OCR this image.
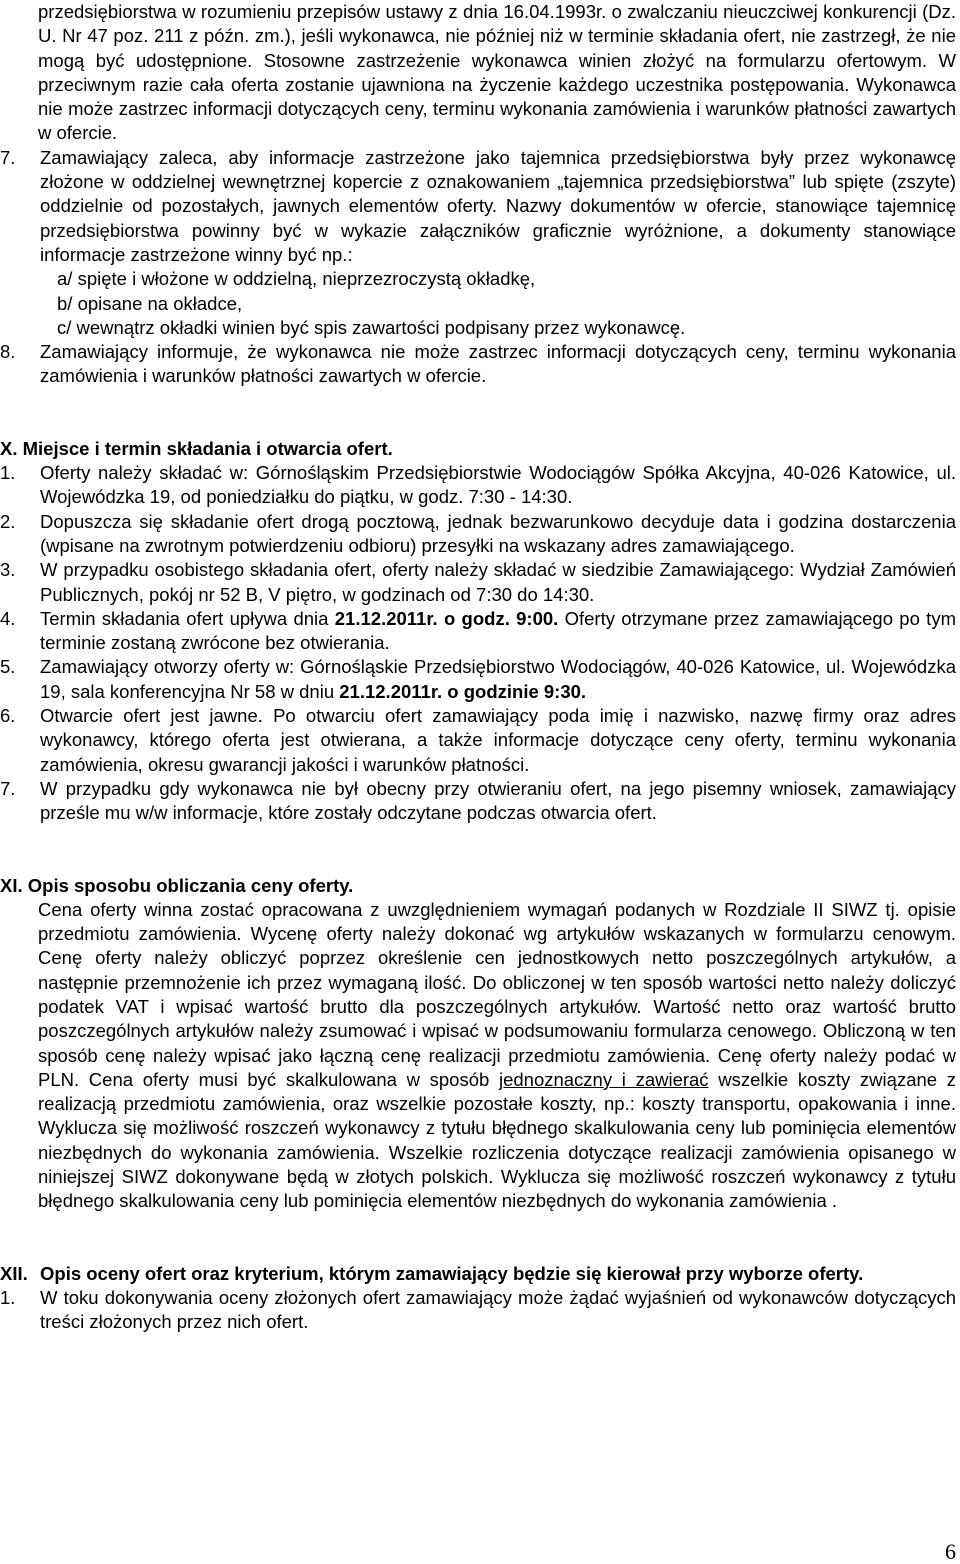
przedsiębiorstwa w rozumieniu przepisów ustawy z dnia 16.04.1993r. o zwalczaniu nieuczciwej konkurencji (Dz. U. Nr 47 poz. 211 z późn. zm.), jeśli wykonawca, nie później niż w terminie składania ofert, nie zastrzegł, że nie mogą być udostępnione. Stosowne zastrzeżenie wykonawca winien złożyć na formularzu ofertowym. W przeciwnym razie cała oferta zostanie ujawniona na życzenie każdego uczestnika postępowania. Wykonawca nie może zastrzec informacji dotyczących ceny, terminu wykonania zamówienia i warunków płatności zawartych w ofercie.

7.	Zamawiający zaleca, aby informacje zastrzeżone jako tajemnica przedsiębiorstwa były przez wykonawcę złożone w oddzielnej wewnętrznej kopercie z oznakowaniem „tajemnica przedsiębiorstwa” lub spięte (zszyte) oddzielnie od pozostałych, jawnych elementów oferty. Nazwy dokumentów w ofercie, stanowiące tajemnicę przedsiębiorstwa powinny być w wykazie załączników graficznie wyróżnione, a dokumenty stanowiące informacje zastrzeżone winny być np.:

a/ spięte i włożone w oddzielną, nieprzezroczystą okładkę,
b/ opisane na okładce,
c/ wewnątrz okładki winien być spis zawartości podpisany przez wykonawcę.
8.	Zamawiający informuje, że wykonawca nie może zastrzec informacji dotyczących ceny, terminu wykonania zamówienia i warunków płatności zawartych w ofercie.

X. Miejsce i termin składania i otwarcia ofert.
1.	Oferty należy składać w: Górnośląskim Przedsiębiorstwie Wodociągów Spółka Akcyjna, 40-026 Katowice, ul. Wojewódzka 19, od poniedziałku do piątku, w godz. 7:30 - 14:30.

2.	Dopuszcza się składanie ofert drogą pocztową, jednak bezwarunkowo decyduje data i godzina dostarczenia (wpisane na zwrotnym potwierdzeniu odbioru) przesyłki na wskazany adres zamawiającego.

3.	W przypadku osobistego składania ofert, oferty należy składać w siedzibie Zamawiającego: Wydział Zamówień Publicznych, pokój nr 52 B, V piętro, w godzinach od 7:30 do 14:30.

4.	Termin składania ofert upływa dnia 21.12.2011r. o godz. 9:00. Oferty otrzymane przez zamawiającego po tym terminie zostaną zwrócone bez otwierania.

5.	Zamawiający otworzy oferty w: Górnośląskie Przedsiębiorstwo Wodociągów, 40-026 Katowice, ul. Wojewódzka 19, sala konferencyjna Nr 58 w dniu 21.12.2011r. o godzinie 9:30.

6.	Otwarcie ofert jest jawne. Po otwarciu ofert zamawiający poda imię i nazwisko, nazwę firmy oraz adres wykonawcy, którego oferta jest otwierana, a także informacje dotyczące ceny oferty, terminu wykonania zamówienia, okresu gwarancji jakości i warunków płatności.

7.	W przypadku gdy wykonawca nie był obecny przy otwieraniu ofert, na jego pisemny wniosek, zamawiający prześle mu w/w informacje, które zostały odczytane podczas otwarcia ofert.

XI. Opis sposobu obliczania ceny oferty.

Cena oferty winna zostać opracowana z uwzględnieniem wymagań podanych w Rozdziale II SIWZ tj. opisie przedmiotu zamówienia. Wycenę oferty należy dokonać wg artykułów wskazanych w formularzu cenowym. Cenę oferty należy obliczyć poprzez określenie cen jednostkowych netto poszczególnych artykułów, a następnie przemnożenie ich przez wymaganą ilość. Do obliczonej w ten sposób wartości netto należy doliczyć podatek VAT i wpisać wartość brutto dla poszczególnych artykułów. Wartość netto oraz wartość brutto poszczególnych artykułów należy zsumować i wpisać w podsumowaniu formularza cenowego. Obliczoną w ten sposób cenę należy wpisać jako łączną cenę realizacji przedmiotu zamówienia. Cenę oferty należy podać w PLN. Cena oferty musi być skalkulowana w sposób jednoznaczny i zawierać wszelkie koszty związane z realizacją przedmiotu zamówienia, oraz wszelkie pozostałe koszty, np.: koszty transportu, opakowania i inne. Wyklucza się możliwość roszczeń wykonawcy z tytułu błędnego skalkulowania ceny lub pominięcia elementów niezbędnych do wykonania zamówienia. Wszelkie rozliczenia dotyczące realizacji zamówienia opisanego w niniejszej SIWZ dokonywane będą w złotych polskich. Wyklucza się możliwość roszczeń wykonawcy z tytułu błędnego skalkulowania ceny lub pominięcia elementów niezbędnych do wykonania zamówienia .

XII. Opis oceny ofert oraz kryterium, którym zamawiający będzie się kierował przy wyborze oferty.

1.	W toku dokonywania oceny złożonych ofert zamawiający może żądać wyjaśnień od wykonawców dotyczących treści złożonych przez nich ofert.

6
